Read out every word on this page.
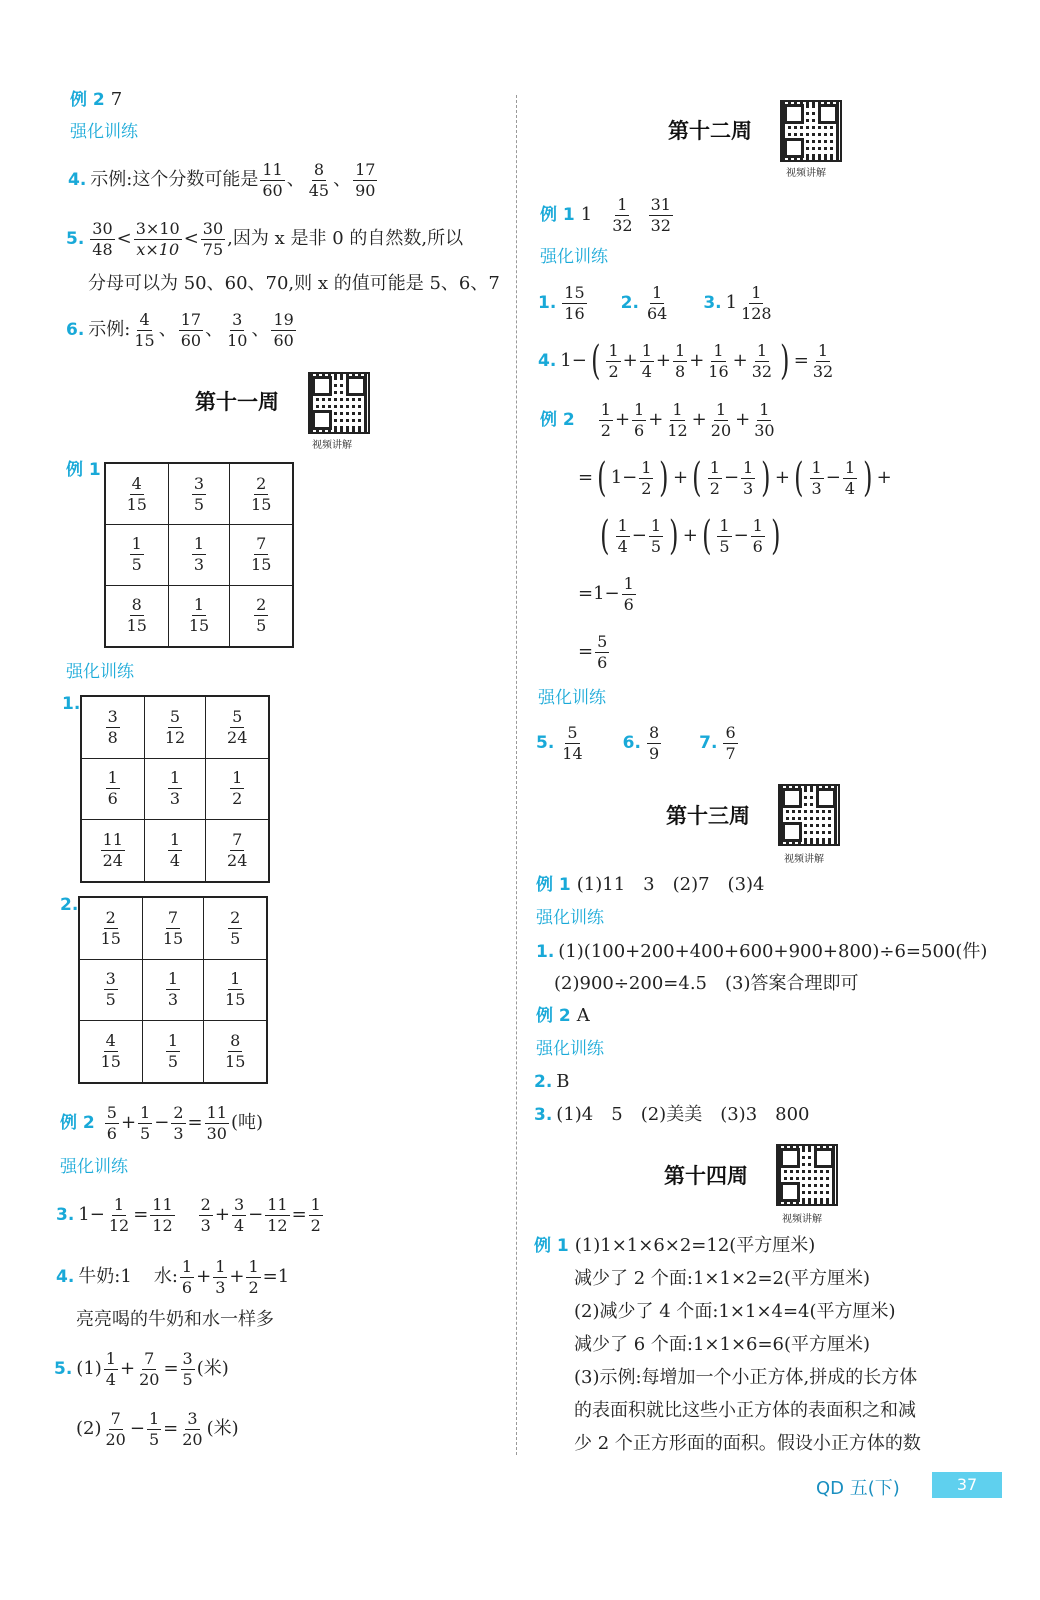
例 2 7
强化训练
4. 示例:这个分数可能是 $\frac{11}{60}$ 、 $\frac{8}{45}$ 、 $\frac{17}{90}$
5. $\frac{30}{48} < \frac{3\times 10}{x\times 10} < \frac{30}{75}$ ,因为 x 是非 0 的自然数,所以
分母可以为 50、60、70,则 x 的值可能是 5、6、7
6. 示例: $\frac{4}{15}$ 、 $\frac{17}{60}$ 、 $\frac{3}{10}$ 、 $\frac{19}{60}$
第十一周
视频讲解
例 1
$\frac{4}{15}$	$\frac{3}{5}$	$\frac{2}{15}$

$\frac{1}{5}$	$\frac{1}{3}$	$\frac{7}{15}$

$\frac{8}{15}$	$\frac{1}{15}$	$\frac{2}{5}$
强化训练
1.
$\frac{3}{8}$	$\frac{5}{12}$	$\frac{5}{24}$

$\frac{1}{6}$	$\frac{1}{3}$	$\frac{1}{2}$

$\frac{11}{24}$	$\frac{1}{4}$	$\frac{7}{24}$
2.
$\frac{2}{15}$	$\frac{7}{15}$	$\frac{2}{5}$

$\frac{3}{5}$	$\frac{1}{3}$	$\frac{1}{15}$

$\frac{4}{15}$	$\frac{1}{5}$	$\frac{8}{15}$
例 $2 \frac{5}{6} + \frac{1}{5} - \frac{2}{3} = \frac{11}{30}$ (吨)
强化训练
3. $1 - \frac{1}{12} = \frac{11}{12} \frac{2}{3} + \frac{3}{4} - \frac{11}{12} = \frac{1}{2}$
4. 牛奶:1 水: $\frac{1}{6} + \frac{1}{3} + \frac{1}{2} = 1$
亮亮喝的牛奶和水一样多
5. $(1) \frac{1}{4} + \frac{7}{20} = \frac{3}{5}$ (米)
$(2) \frac{7}{20} - \frac{1}{5} = \frac{3}{20}$ (米)
第十二周
视频讲解
例 1 $1 \frac{1}{32} \frac{31}{32}$
强化训练
1. $\frac{15}{16} 2$. $\frac{1}{64} 3$. $1 \frac{1}{128}$
4. 1 − ( $\frac{1}{2} + \frac{1}{4} + \frac{1}{8} + \frac{1}{16} + \frac{1}{32}$ ) = $\frac{1}{32}$
例 $2 \frac{1}{2} + \frac{1}{6} + \frac{1}{12} + \frac{1}{20} + \frac{1}{30}$
= ( $1 - \frac{1}{2}$ ) + ( $\frac{1}{2} - \frac{1}{3}$ ) + ( $\frac{1}{3} - \frac{1}{4}$ ) +
( $\frac{1}{4} - \frac{1}{5}$ ) + ( $\frac{1}{5} - \frac{1}{6}$ )
= $1 - \frac{1}{6}$
= $\frac{5}{6}$
强化训练
5. $\frac{5}{14} 6$. $\frac{8}{9} 7$. $\frac{6}{7}$
第十三周
视频讲解
例 1 (1)11　3　(2)7　(3)4
强化训练
1. (1)(100+200+400+600+900+800)÷6=500(件)
(2)900÷200=4.5　(3)答案合理即可
例 2 A
强化训练
2. B
3. (1)4　5　(2)美美　(3)3　800
第十四周
视频讲解
例 1 (1)1×1×6×2=12(平方厘米)
减少了 2 个面:1×1×2=2(平方厘米)
(2)减少了 4 个面:1×1×4=4(平方厘米)
减少了 6 个面:1×1×6=6(平方厘米)
(3)示例:每增加一个小正方体,拼成的长方体
的表面积就比这些小正方体的表面积之和减
少 2 个正方形面的面积。假设小正方体的数
QD 五(下)	37
